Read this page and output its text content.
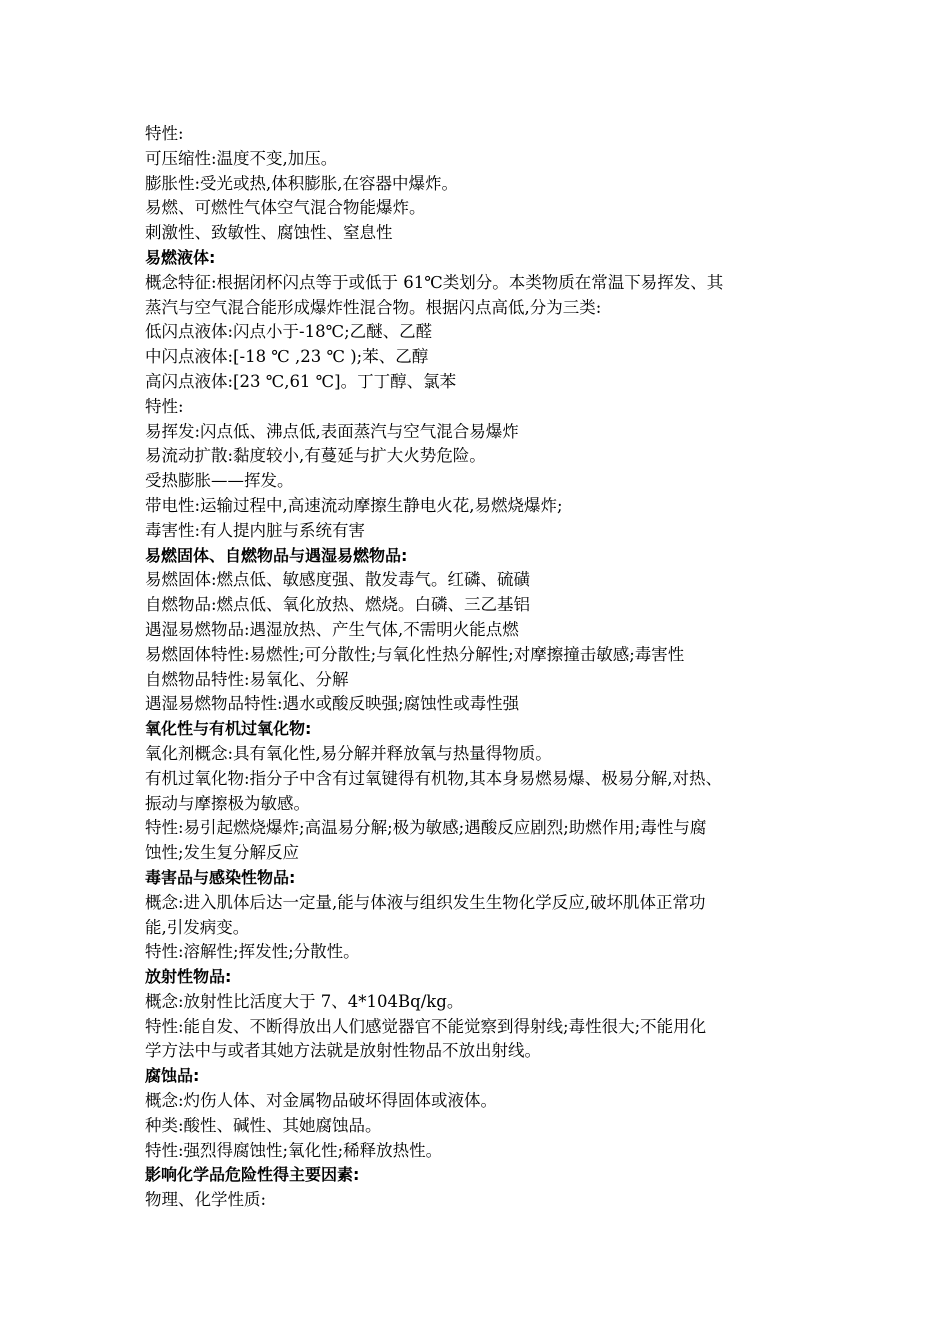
特性:

可压缩性:温度不变,加压。

膨胀性:受光或热,体积膨胀,在容器中爆炸。

易燃、可燃性气体空气混合物能爆炸。

刺激性、致敏性、腐蚀性、窒息性

易燃液体:

概念特征:根据闭杯闪点等于或低于 61℃类划分。本类物质在常温下易挥发、其

蒸汽与空气混合能形成爆炸性混合物。根据闪点高低,分为三类:

低闪点液体:闪点小于-18℃;乙醚、乙醛

中闪点液体:[-18 ℃ ,23 ℃ );苯、乙醇

高闪点液体:[23 ℃,61 ℃]。丁丁醇、氯苯

特性:

易挥发:闪点低、沸点低,表面蒸汽与空气混合易爆炸

易流动扩散:黏度较小,有蔓延与扩大火势危险。

受热膨胀——挥发。

带电性:运输过程中,高速流动摩擦生静电火花,易燃烧爆炸;

毒害性:有人提内脏与系统有害

易燃固体、自燃物品与遇湿易燃物品:

易燃固体:燃点低、敏感度强、散发毒气。红磷、硫磺

自燃物品:燃点低、氧化放热、燃烧。白磷、三乙基铝

遇湿易燃物品:遇湿放热、产生气体,不需明火能点燃

易燃固体特性:易燃性;可分散性;与氧化性热分解性;对摩擦撞击敏感;毒害性

自燃物品特性:易氧化、分解

遇湿易燃物品特性:遇水或酸反映强;腐蚀性或毒性强

氧化性与有机过氧化物:

氧化剂概念:具有氧化性,易分解并释放氧与热量得物质。

有机过氧化物:指分子中含有过氧键得有机物,其本身易燃易爆、极易分解,对热、

振动与摩擦极为敏感。

特性:易引起燃烧爆炸;高温易分解;极为敏感;遇酸反应剧烈;助燃作用;毒性与腐

蚀性;发生复分解反应

毒害品与感染性物品:

概念:进入肌体后达一定量,能与体液与组织发生生物化学反应,破坏肌体正常功

能,引发病变。

特性:溶解性;挥发性;分散性。

放射性物品:

概念:放射性比活度大于 7、4*104Bq/kg。

特性:能自发、不断得放出人们感觉器官不能觉察到得射线;毒性很大;不能用化

学方法中与或者其她方法就是放射性物品不放出射线。

腐蚀品:

概念:灼伤人体、对金属物品破坏得固体或液体。

种类:酸性、碱性、其她腐蚀品。

特性:强烈得腐蚀性;氧化性;稀释放热性。

影响化学品危险性得主要因素:

物理、化学性质:
